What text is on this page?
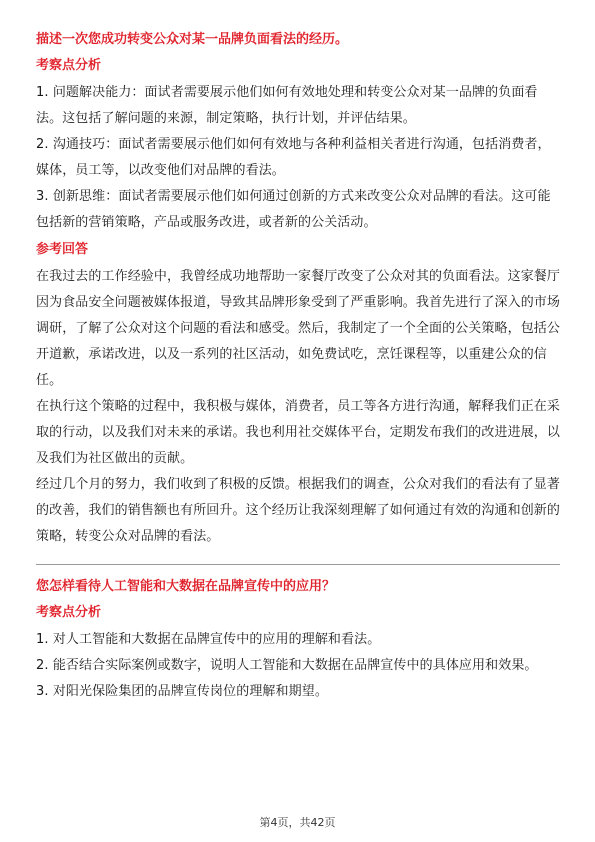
描述一次您成功转变公众对某一品牌负面看法的经历。

考察点分析

1. 问题解决能力：面试者需要展示他们如何有效地处理和转变公众对某一品牌的负面看法。这包括了解问题的来源，制定策略，执行计划，并评估结果。

2. 沟通技巧：面试者需要展示他们如何有效地与各种利益相关者进行沟通，包括消费者，媒体，员工等，以改变他们对品牌的看法。

3. 创新思维：面试者需要展示他们如何通过创新的方式来改变公众对品牌的看法。这可能包括新的营销策略，产品或服务改进，或者新的公关活动。

参考回答

在我过去的工作经验中，我曾经成功地帮助一家餐厅改变了公众对其的负面看法。这家餐厅因为食品安全问题被媒体报道，导致其品牌形象受到了严重影响。我首先进行了深入的市场调研，了解了公众对这个问题的看法和感受。然后，我制定了一个全面的公关策略，包括公开道歉，承诺改进，以及一系列的社区活动，如免费试吃，烹饪课程等，以重建公众的信任。

在执行这个策略的过程中，我积极与媒体，消费者，员工等各方进行沟通，解释我们正在采取的行动，以及我们对未来的承诺。我也利用社交媒体平台，定期发布我们的改进进展，以及我们为社区做出的贡献。

经过几个月的努力，我们收到了积极的反馈。根据我们的调查，公众对我们的看法有了显著的改善，我们的销售额也有所回升。这个经历让我深刻理解了如何通过有效的沟通和创新的策略，转变公众对品牌的看法。

您怎样看待人工智能和大数据在品牌宣传中的应用？

考察点分析

1. 对人工智能和大数据在品牌宣传中的应用的理解和看法。

2. 能否结合实际案例或数字，说明人工智能和大数据在品牌宣传中的具体应用和效果。

3. 对阳光保险集团的品牌宣传岗位的理解和期望。

第4页，共42页
